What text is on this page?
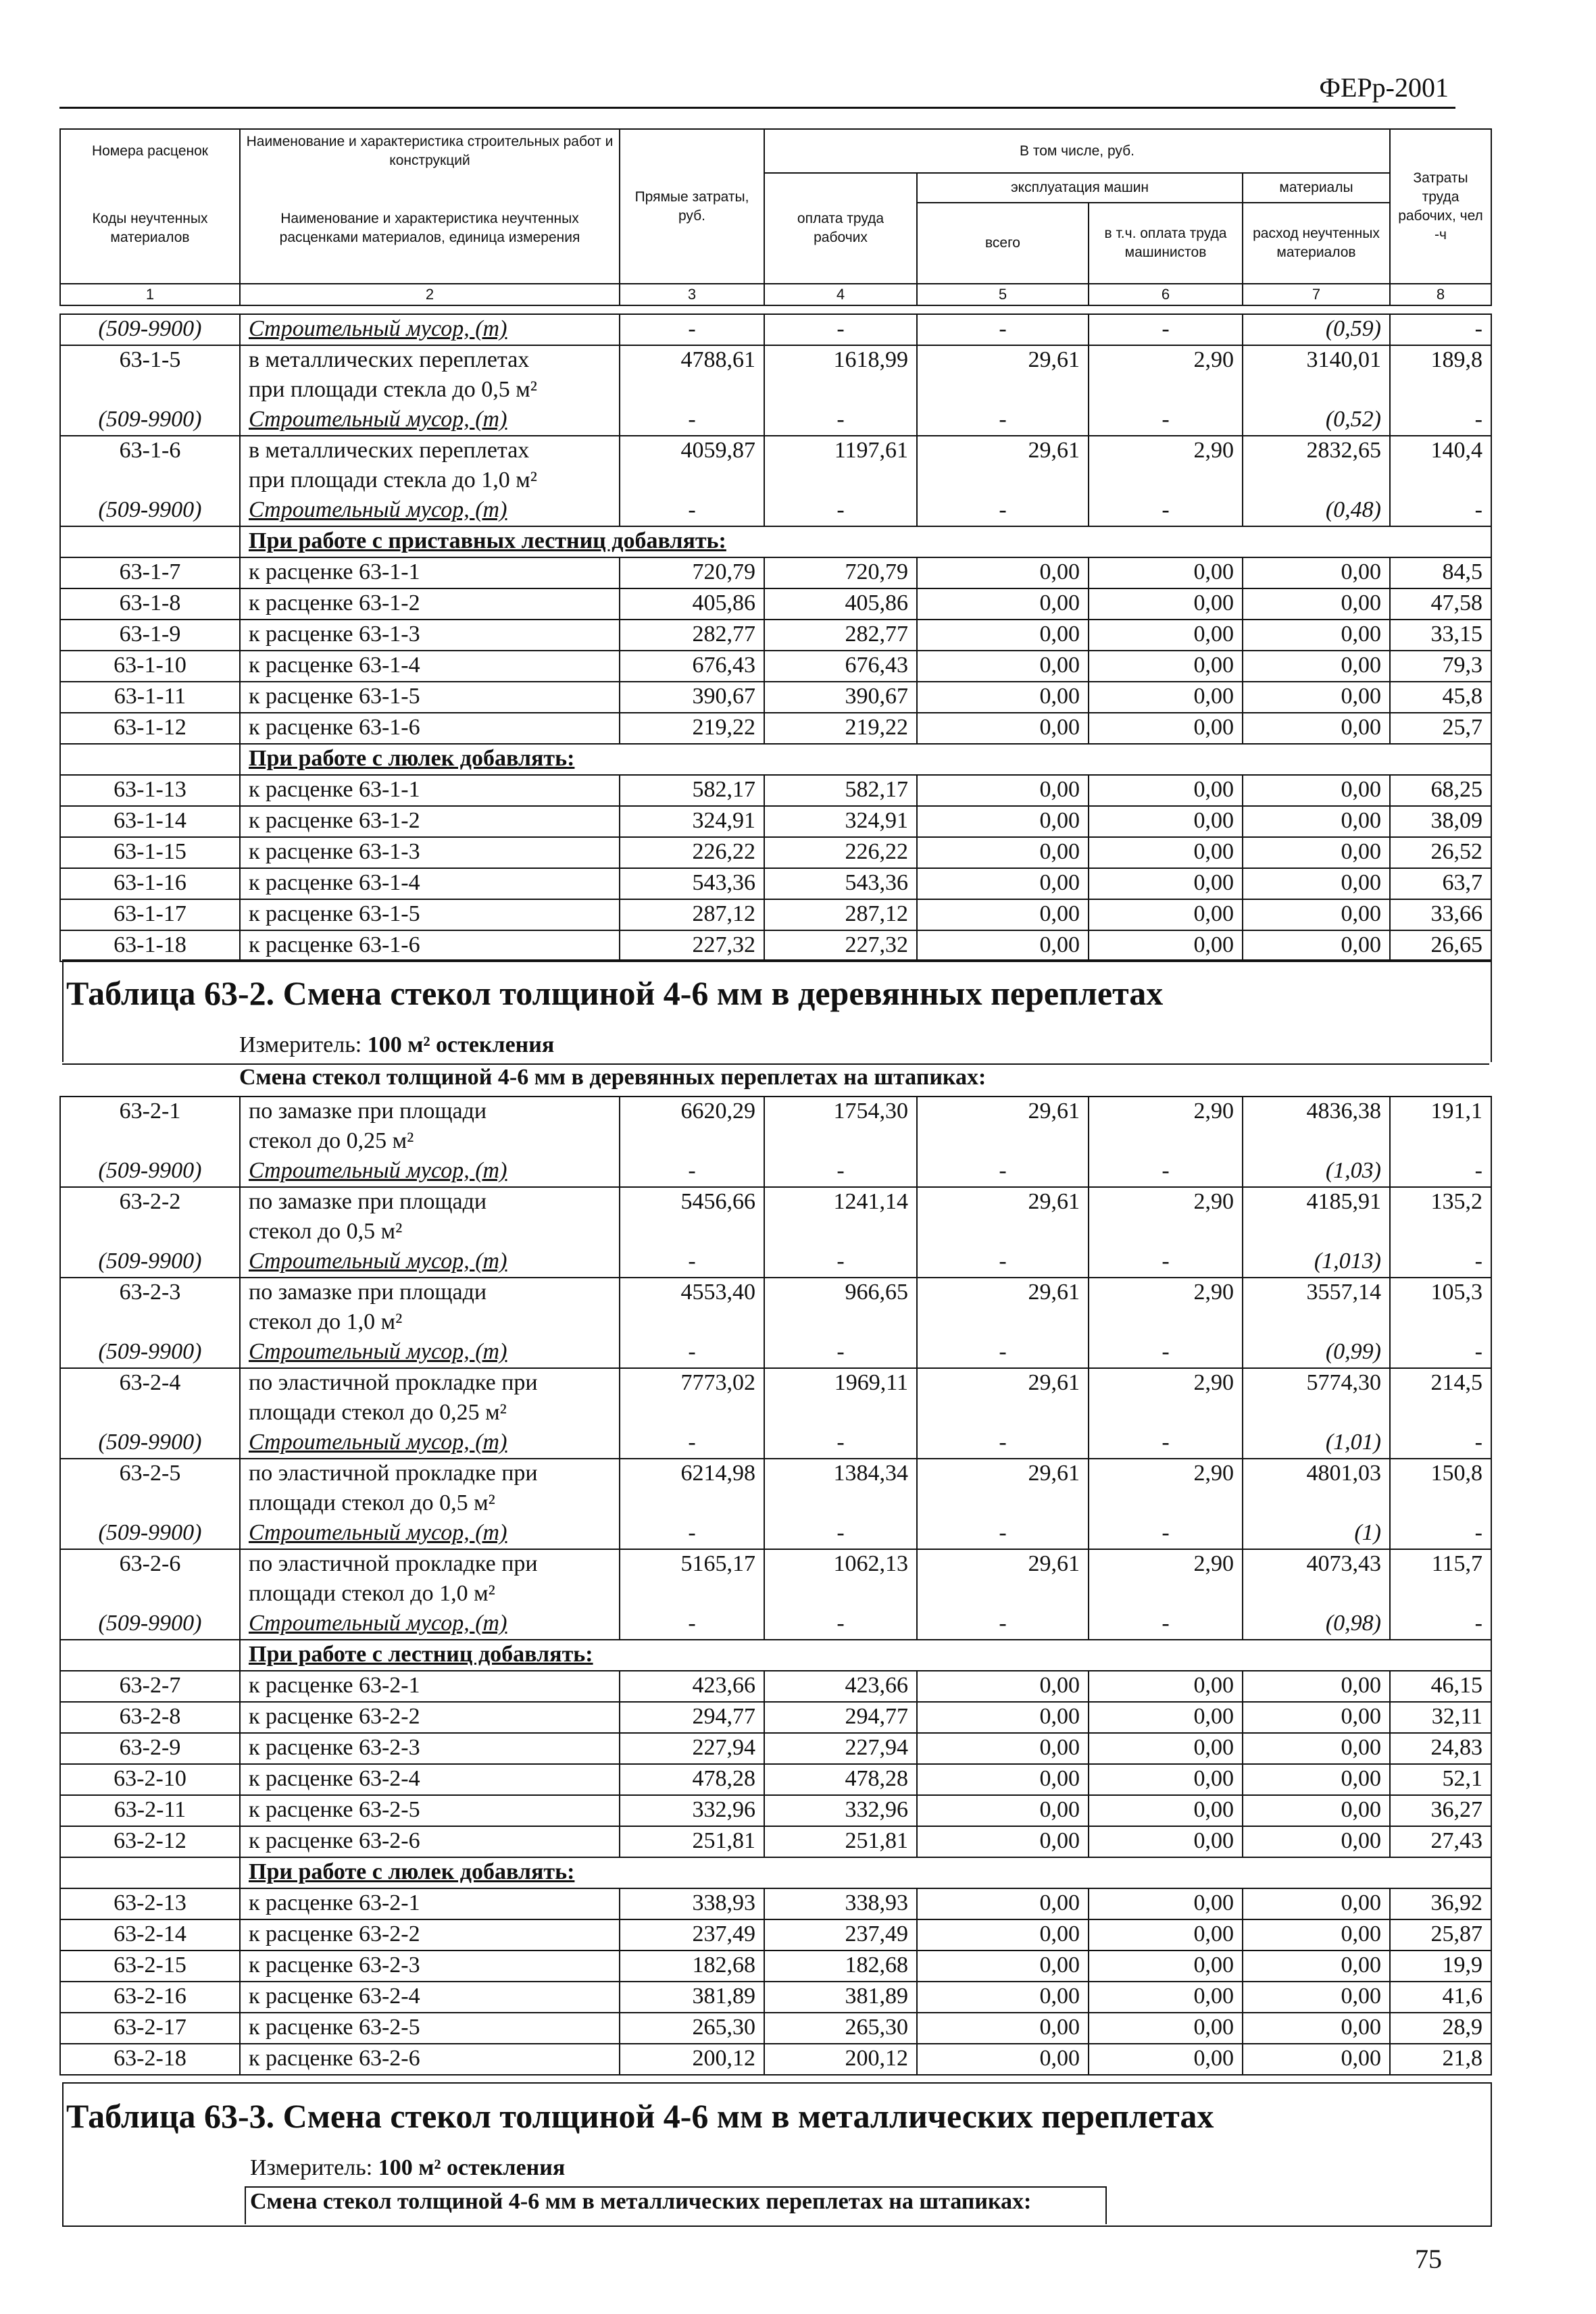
ФЕРр-2001
Номера расценок	Наименование и характеристика строительных работ и конструкций	Прямые затраты, руб.	В том числе, руб.				Затраты труда рабочих, чел -ч
Коды неучтенных материалов	Наименование и характеристика неучтенных расценками материалов, единица измерения		оплата труда рабочих	эксплуатация машин		материалы	
				всего	в т.ч. оплата труда машинистов	расход неучтенных материалов	
1	2	3	4	5	6	7	8
(509-9900)	Строительный мусор, (т)	-	-	-	-	(0,59)	-
63-1-5	в металлических переплетах	4788,61	1618,99	29,61	2,90	3140,01	189,8
	при площади стекла до 0,5 м²						
(509-9900)	Строительный мусор, (т)	-	-	-	-	(0,52)	-
63-1-6	в металлических переплетах	4059,87	1197,61	29,61	2,90	2832,65	140,4
	при площади стекла до 1,0 м²						
(509-9900)	Строительный мусор, (т)	-	-	-	-	(0,48)	-
	При работе с приставных лестниц добавлять:						
63-1-7	к расценке 63-1-1	720,79	720,79	0,00	0,00	0,00	84,5
63-1-8	к расценке 63-1-2	405,86	405,86	0,00	0,00	0,00	47,58
63-1-9	к расценке 63-1-3	282,77	282,77	0,00	0,00	0,00	33,15
63-1-10	к расценке 63-1-4	676,43	676,43	0,00	0,00	0,00	79,3
63-1-11	к расценке 63-1-5	390,67	390,67	0,00	0,00	0,00	45,8
63-1-12	к расценке 63-1-6	219,22	219,22	0,00	0,00	0,00	25,7
	При работе с люлек добавлять:						
63-1-13	к расценке 63-1-1	582,17	582,17	0,00	0,00	0,00	68,25
63-1-14	к расценке 63-1-2	324,91	324,91	0,00	0,00	0,00	38,09
63-1-15	к расценке 63-1-3	226,22	226,22	0,00	0,00	0,00	26,52
63-1-16	к расценке 63-1-4	543,36	543,36	0,00	0,00	0,00	63,7
63-1-17	к расценке 63-1-5	287,12	287,12	0,00	0,00	0,00	33,66
63-1-18	к расценке 63-1-6	227,32	227,32	0,00	0,00	0,00	26,65
Таблица 63-2. Смена стекол толщиной 4-6 мм в деревянных переплетах
Измеритель: 100 м² остекления
Смена стекол толщиной 4-6 мм в деревянных переплетах на штапиках:
63-2-1	по замазке при площади	6620,29	1754,30	29,61	2,90	4836,38	191,1
	стекол до 0,25 м²						
(509-9900)	Строительный мусор, (т)	-	-	-	-	(1,03)	-
63-2-2	по замазке при площади	5456,66	1241,14	29,61	2,90	4185,91	135,2
	стекол до 0,5 м²						
(509-9900)	Строительный мусор, (т)	-	-	-	-	(1,013)	-
63-2-3	по замазке при площади	4553,40	966,65	29,61	2,90	3557,14	105,3
	стекол до 1,0 м²						
(509-9900)	Строительный мусор, (т)	-	-	-	-	(0,99)	-
63-2-4	по эластичной прокладке при	7773,02	1969,11	29,61	2,90	5774,30	214,5
	площади стекол до 0,25 м²						
(509-9900)	Строительный мусор, (т)	-	-	-	-	(1,01)	-
63-2-5	по эластичной прокладке при	6214,98	1384,34	29,61	2,90	4801,03	150,8
	площади стекол до 0,5 м²						
(509-9900)	Строительный мусор, (т)	-	-	-	-	(1)	-
63-2-6	по эластичной прокладке при	5165,17	1062,13	29,61	2,90	4073,43	115,7
	площади стекол до 1,0 м²						
(509-9900)	Строительный мусор, (т)	-	-	-	-	(0,98)	-
	При работе с лестниц добавлять:						
63-2-7	к расценке 63-2-1	423,66	423,66	0,00	0,00	0,00	46,15
63-2-8	к расценке 63-2-2	294,77	294,77	0,00	0,00	0,00	32,11
63-2-9	к расценке 63-2-3	227,94	227,94	0,00	0,00	0,00	24,83
63-2-10	к расценке 63-2-4	478,28	478,28	0,00	0,00	0,00	52,1
63-2-11	к расценке 63-2-5	332,96	332,96	0,00	0,00	0,00	36,27
63-2-12	к расценке 63-2-6	251,81	251,81	0,00	0,00	0,00	27,43
	При работе с люлек добавлять:						
63-2-13	к расценке 63-2-1	338,93	338,93	0,00	0,00	0,00	36,92
63-2-14	к расценке 63-2-2	237,49	237,49	0,00	0,00	0,00	25,87
63-2-15	к расценке 63-2-3	182,68	182,68	0,00	0,00	0,00	19,9
63-2-16	к расценке 63-2-4	381,89	381,89	0,00	0,00	0,00	41,6
63-2-17	к расценке 63-2-5	265,30	265,30	0,00	0,00	0,00	28,9
63-2-18	к расценке 63-2-6	200,12	200,12	0,00	0,00	0,00	21,8
Таблица 63-3. Смена стекол толщиной 4-6 мм в металлических переплетах
Измеритель: 100 м² остекления
Смена стекол толщиной 4-6 мм в металлических переплетах на штапиках:
75
